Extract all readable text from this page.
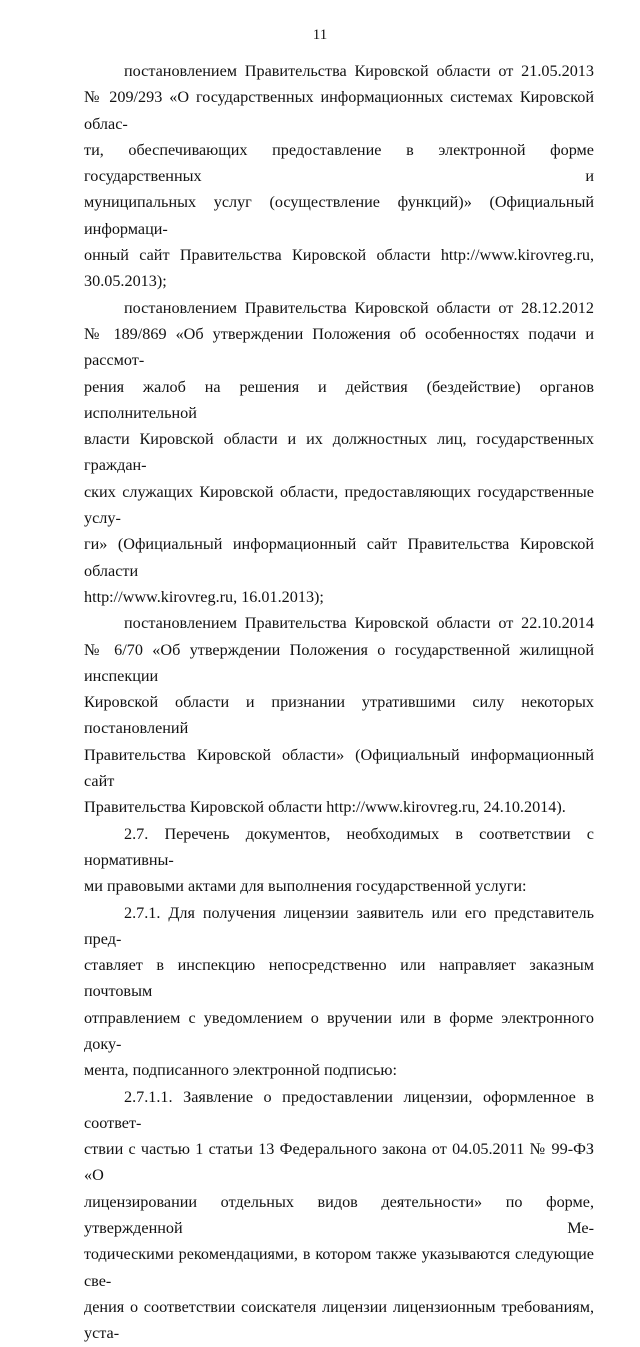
11

постановлением Правительства Кировской области от 21.05.2013
№ 209/293 «О государственных информационных системах Кировской облас-
ти, обеспечивающих предоставление в электронной форме государственных и
муниципальных услуг (осуществление функций)» (Официальный информаци-
онный сайт Правительства Кировской области http://www.kirovreg.ru,
30.05.2013);

постановлением Правительства Кировской области от 28.12.2012
№ 189/869 «Об утверждении Положения об особенностях подачи и рассмот-
рения жалоб на решения и действия (бездействие) органов исполнительной
власти Кировской области и их должностных лиц, государственных граждан-
ских служащих Кировской области, предоставляющих государственные услу-
ги» (Официальный информационный сайт Правительства Кировской области
http://www.kirovreg.ru, 16.01.2013);

постановлением Правительства Кировской области от 22.10.2014
№ 6/70 «Об утверждении Положения о государственной жилищной инспекции
Кировской области и признании утратившими силу некоторых постановлений
Правительства Кировской области» (Официальный информационный сайт
Правительства Кировской области http://www.kirovreg.ru, 24.10.2014).

2.7. Перечень документов, необходимых в соответствии с нормативны-
ми правовыми актами для выполнения государственной услуги:

2.7.1. Для получения лицензии заявитель или его представитель пред-
ставляет в инспекцию непосредственно или направляет заказным почтовым
отправлением с уведомлением о вручении или в форме электронного доку-
мента, подписанного электронной подписью:

2.7.1.1. Заявление о предоставлении лицензии, оформленное в соответ-
ствии с частью 1 статьи 13 Федерального закона от 04.05.2011 № 99-ФЗ «О
лицензировании отдельных видов деятельности» по форме, утвержденной Ме-
тодическими рекомендациями, в котором также указываются следующие све-
дения о соответствии соискателя лицензии лицензионным требованиям, уста-
